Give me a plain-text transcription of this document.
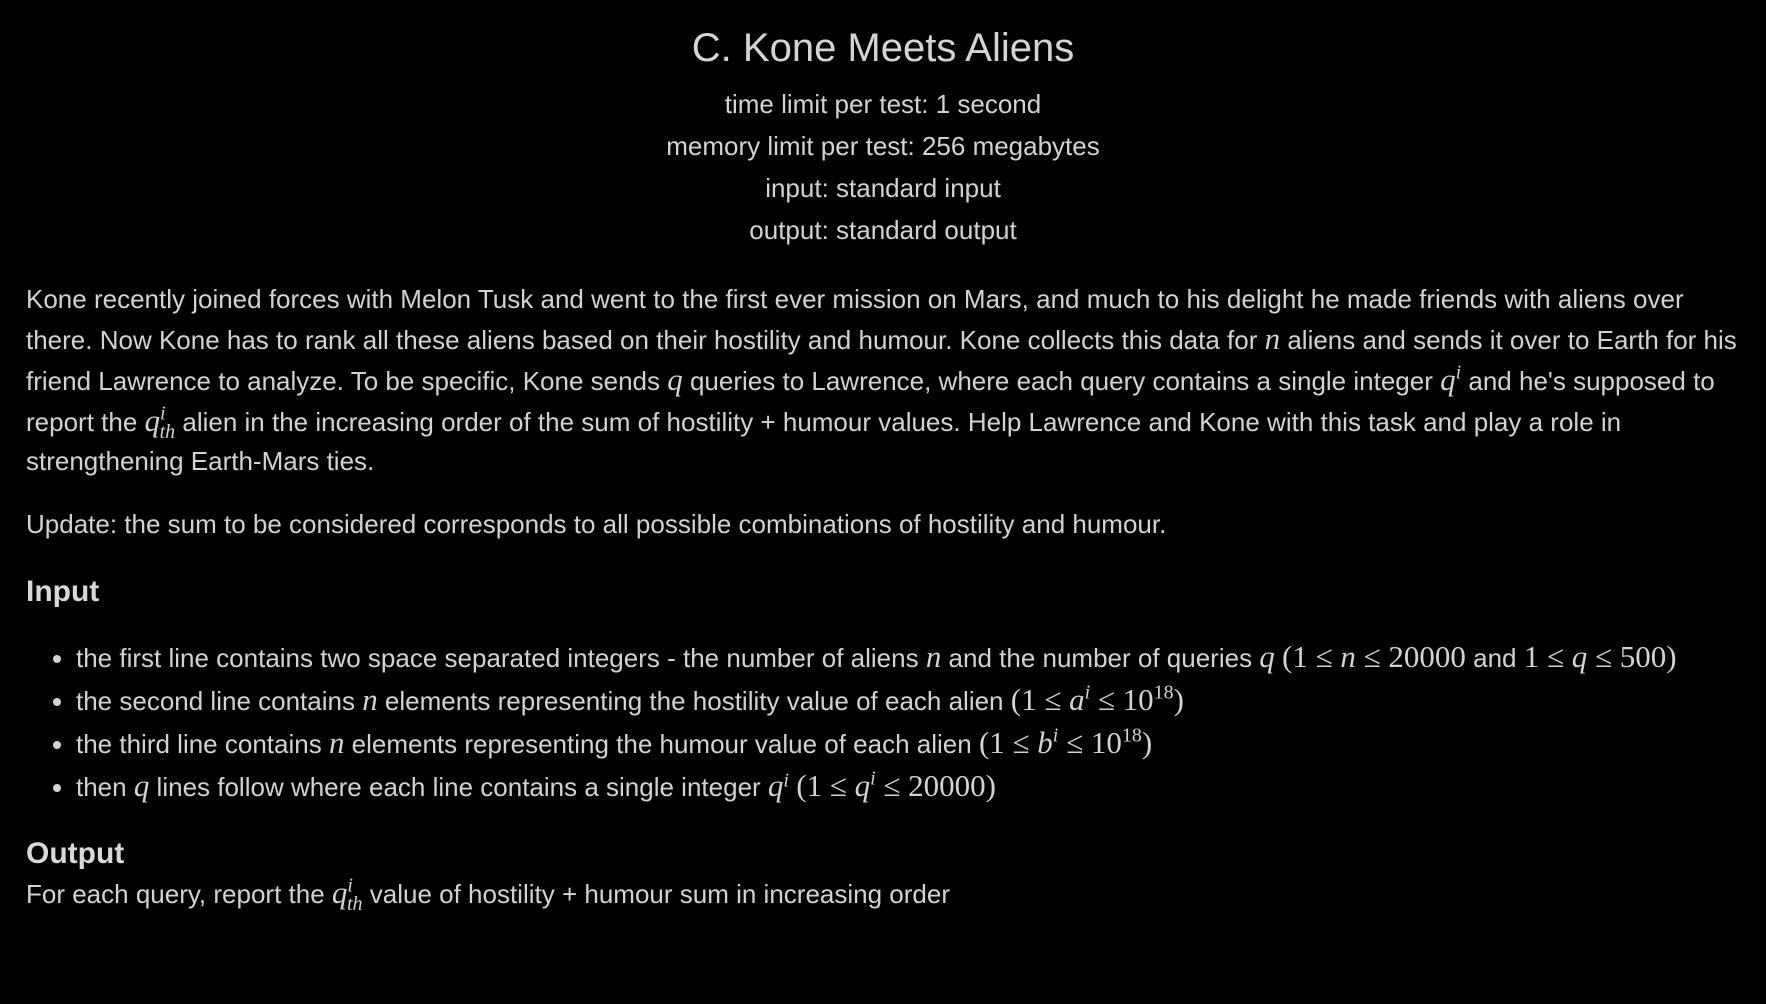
C. Kone Meets Aliens
time limit per test: 1 second
memory limit per test: 256 megabytes
input: standard input
output: standard output

Kone recently joined forces with Melon Tusk and went to the first ever mission on Mars, and much to his delight he made friends with aliens over there. Now Kone has to rank all these aliens based on their hostility and humour. Kone collects this data for n aliens and sends it over to Earth for his friend Lawrence to analyze. To be specific, Kone sends q queries to Lawrence, where each query contains a single integer $q^i$ and he's supposed to report the $q^i_{th}$ alien in the increasing order of the sum of hostility + humour values. Help Lawrence and Kone with this task and play a role in strengthening Earth-Mars ties.

Update: the sum to be considered corresponds to all possible combinations of hostility and humour.

Input
• the first line contains two space separated integers - the number of aliens n and the number of queries q (1 ≤ n ≤ 20000 and 1 ≤ q ≤ 500)
• the second line contains n elements representing the hostility value of each alien $(1 \le a^i \le 10^{18})$
• the third line contains n elements representing the humour value of each alien $(1 \le b^i \le 10^{18})$
• then q lines follow where each line contains a single integer $q^i$ $(1 \le q^i \le 20000)$
Output

For each query, report the $q^i_{th}$ value of hostility + humour sum in increasing order
